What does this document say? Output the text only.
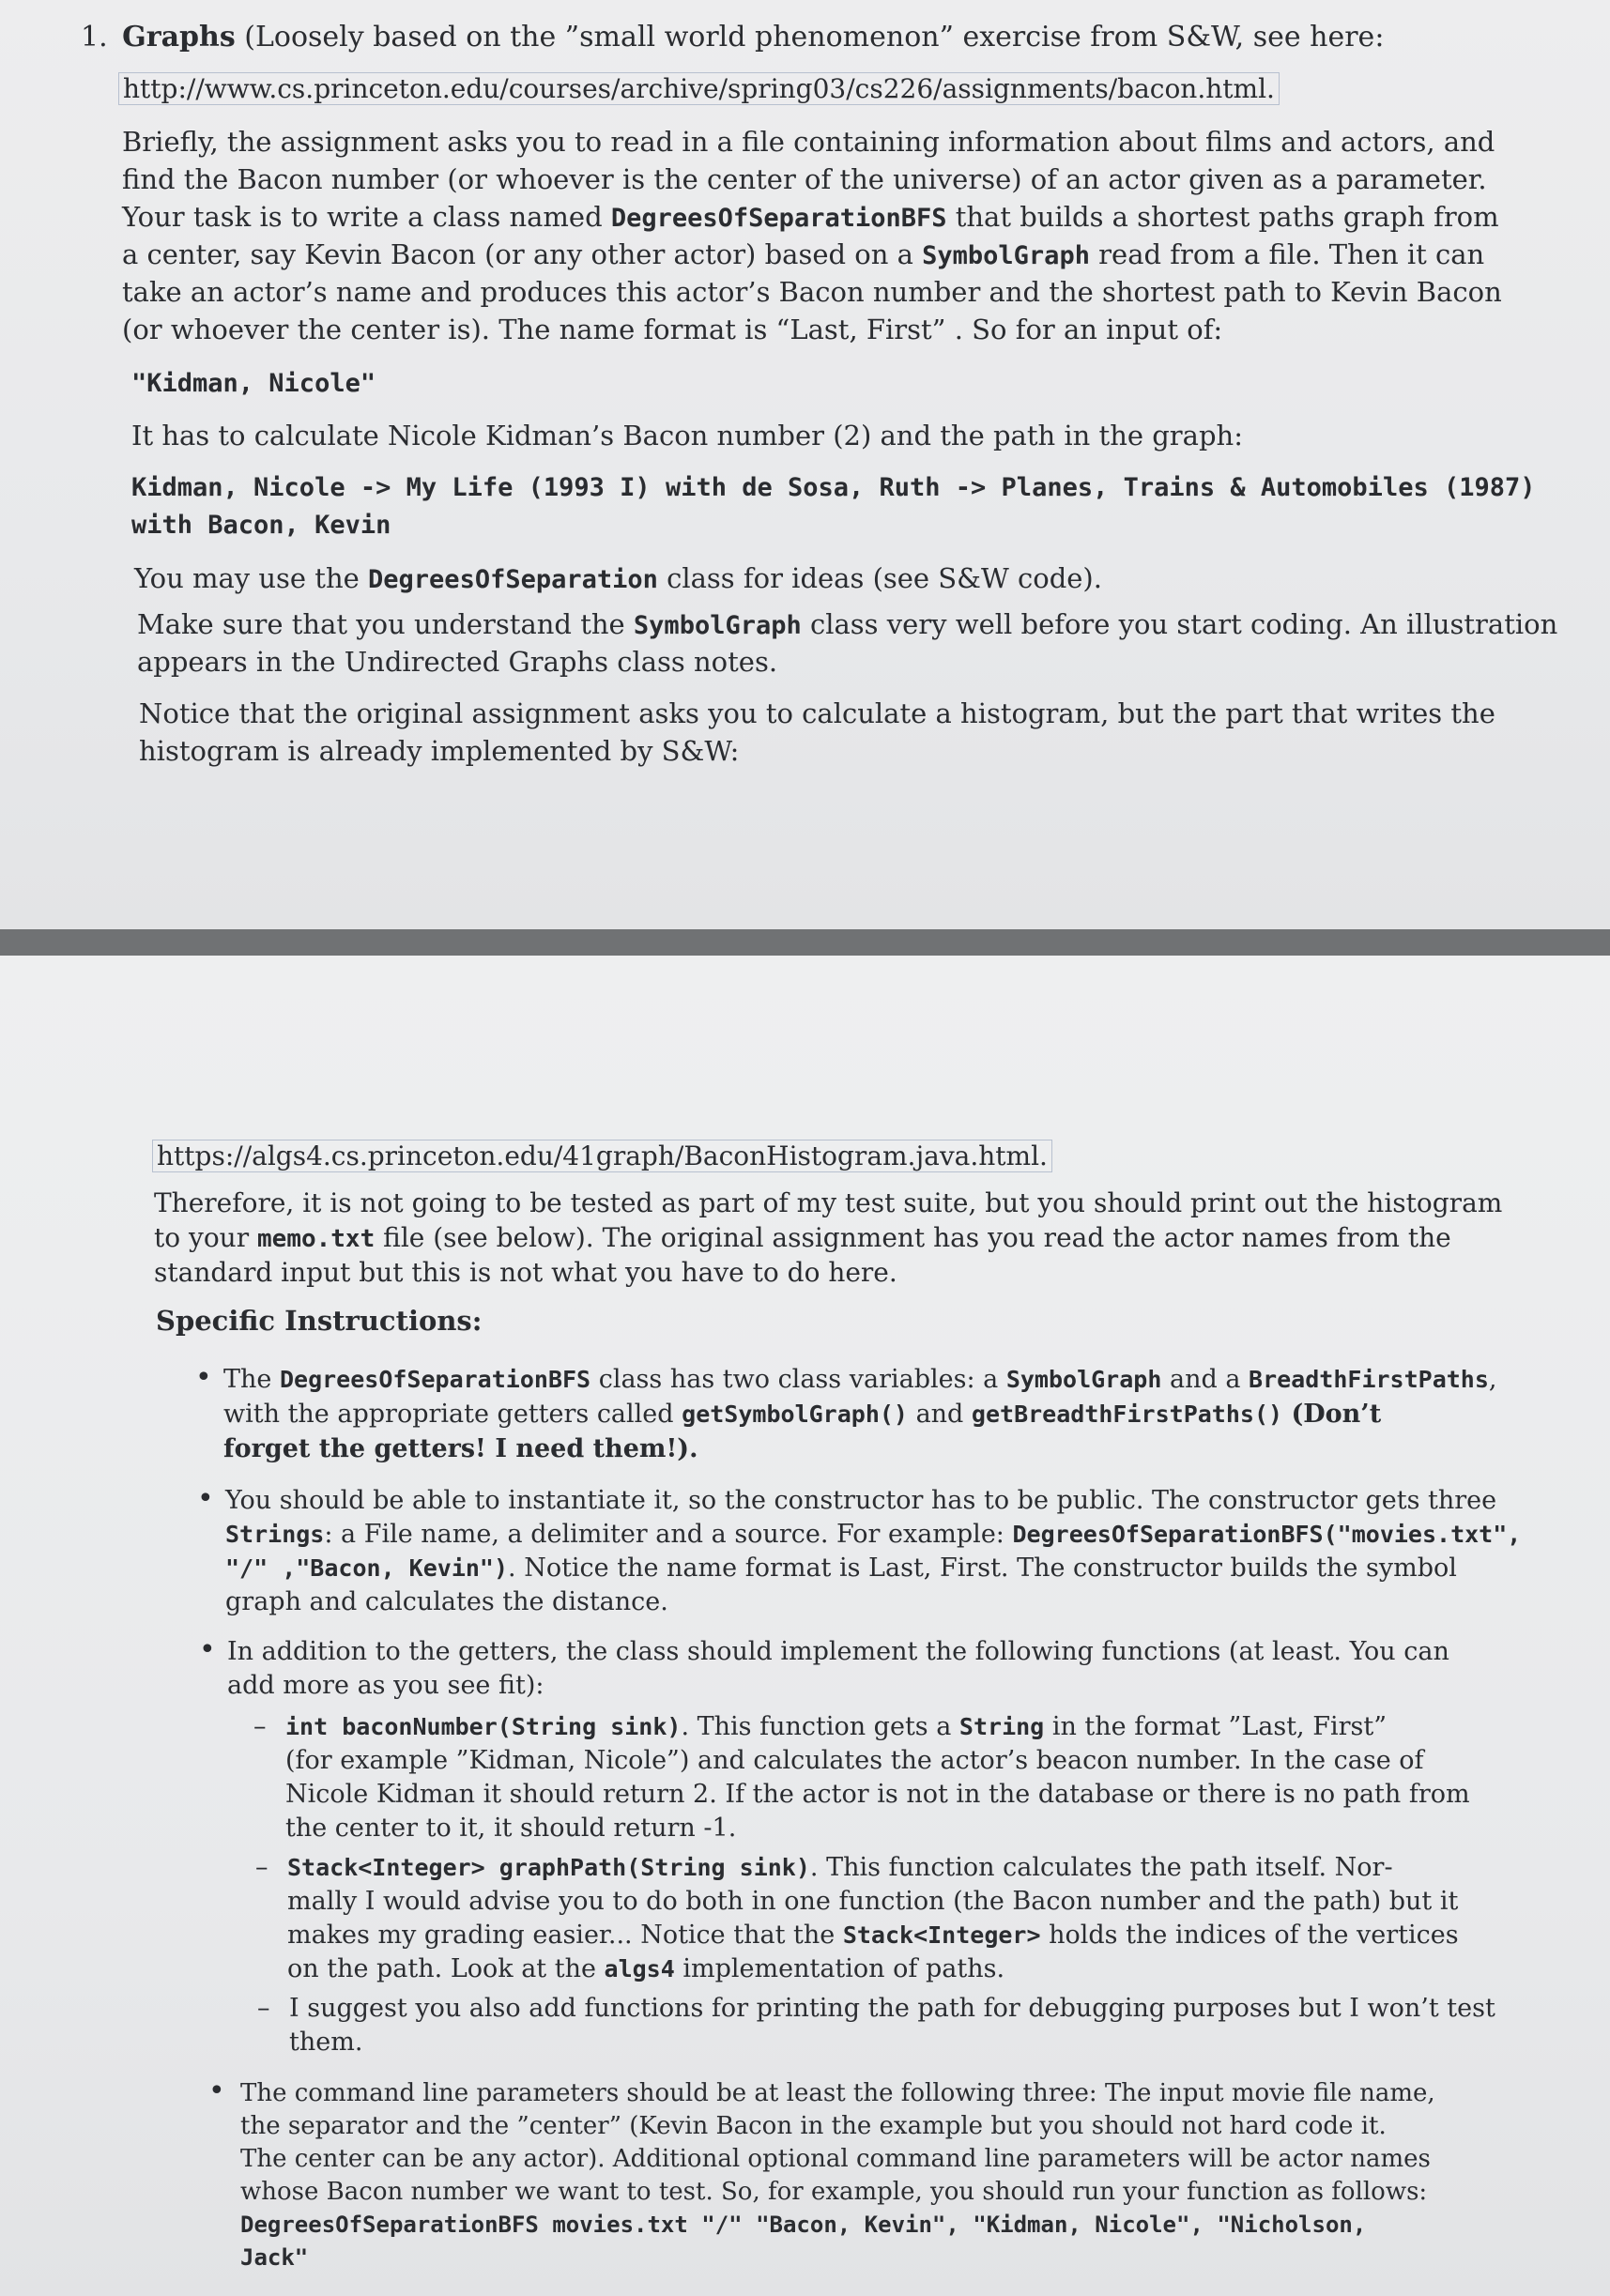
1. Graphs (Loosely based on the ”small world phenomenon” exercise from S&W, see here:
http://www.cs.princeton.edu/courses/archive/spring03/cs226/assignments/bacon.html.
Briefly, the assignment asks you to read in a file containing information about films and actors, and
find the Bacon number (or whoever is the center of the universe) of an actor given as a parameter.
Your task is to write a class named DegreesOfSeparationBFS that builds a shortest paths graph from
a center, say Kevin Bacon (or any other actor) based on a SymbolGraph read from a file. Then it can
take an actor’s name and produces this actor’s Bacon number and the shortest path to Kevin Bacon
(or whoever the center is). The name format is “Last, First” . So for an input of:
"Kidman, Nicole"
It has to calculate Nicole Kidman’s Bacon number (2) and the path in the graph:
Kidman, Nicole -> My Life (1993 I) with de Sosa, Ruth -> Planes, Trains & Automobiles (1987)
with Bacon, Kevin
You may use the DegreesOfSeparation class for ideas (see S&W code).
Make sure that you understand the SymbolGraph class very well before you start coding. An illustration
appears in the Undirected Graphs class notes.
Notice that the original assignment asks you to calculate a histogram, but the part that writes the
histogram is already implemented by S&W:
https://algs4.cs.princeton.edu/41graph/BaconHistogram.java.html.
Therefore, it is not going to be tested as part of my test suite, but you should print out the histogram
to your memo.txt file (see below). The original assignment has you read the actor names from the
standard input but this is not what you have to do here.
Specific Instructions:
• The DegreesOfSeparationBFS class has two class variables: a SymbolGraph and a BreadthFirstPaths,
with the appropriate getters called getSymbolGraph() and getBreadthFirstPaths() (Don’t
forget the getters! I need them!).
• You should be able to instantiate it, so the constructor has to be public. The constructor gets three
Strings: a File name, a delimiter and a source. For example: DegreesOfSeparationBFS("movies.txt",
"/" ,"Bacon, Kevin"). Notice the name format is Last, First. The constructor builds the symbol
graph and calculates the distance.
• In addition to the getters, the class should implement the following functions (at least. You can
add more as you see fit):
– int baconNumber(String sink). This function gets a String in the format ”Last, First”
(for example ”Kidman, Nicole”) and calculates the actor’s beacon number. In the case of
Nicole Kidman it should return 2. If the actor is not in the database or there is no path from
the center to it, it should return -1.
– Stack<Integer> graphPath(String sink). This function calculates the path itself. Nor-
mally I would advise you to do both in one function (the Bacon number and the path) but it
makes my grading easier... Notice that the Stack<Integer> holds the indices of the vertices
on the path. Look at the algs4 implementation of paths.
– I suggest you also add functions for printing the path for debugging purposes but I won’t test
them.
• The command line parameters should be at least the following three: The input movie file name,
the separator and the ”center” (Kevin Bacon in the example but you should not hard code it.
The center can be any actor). Additional optional command line parameters will be actor names
whose Bacon number we want to test. So, for example, you should run your function as follows:
DegreesOfSeparationBFS movies.txt "/" "Bacon, Kevin", "Kidman, Nicole", "Nicholson,
Jack"
